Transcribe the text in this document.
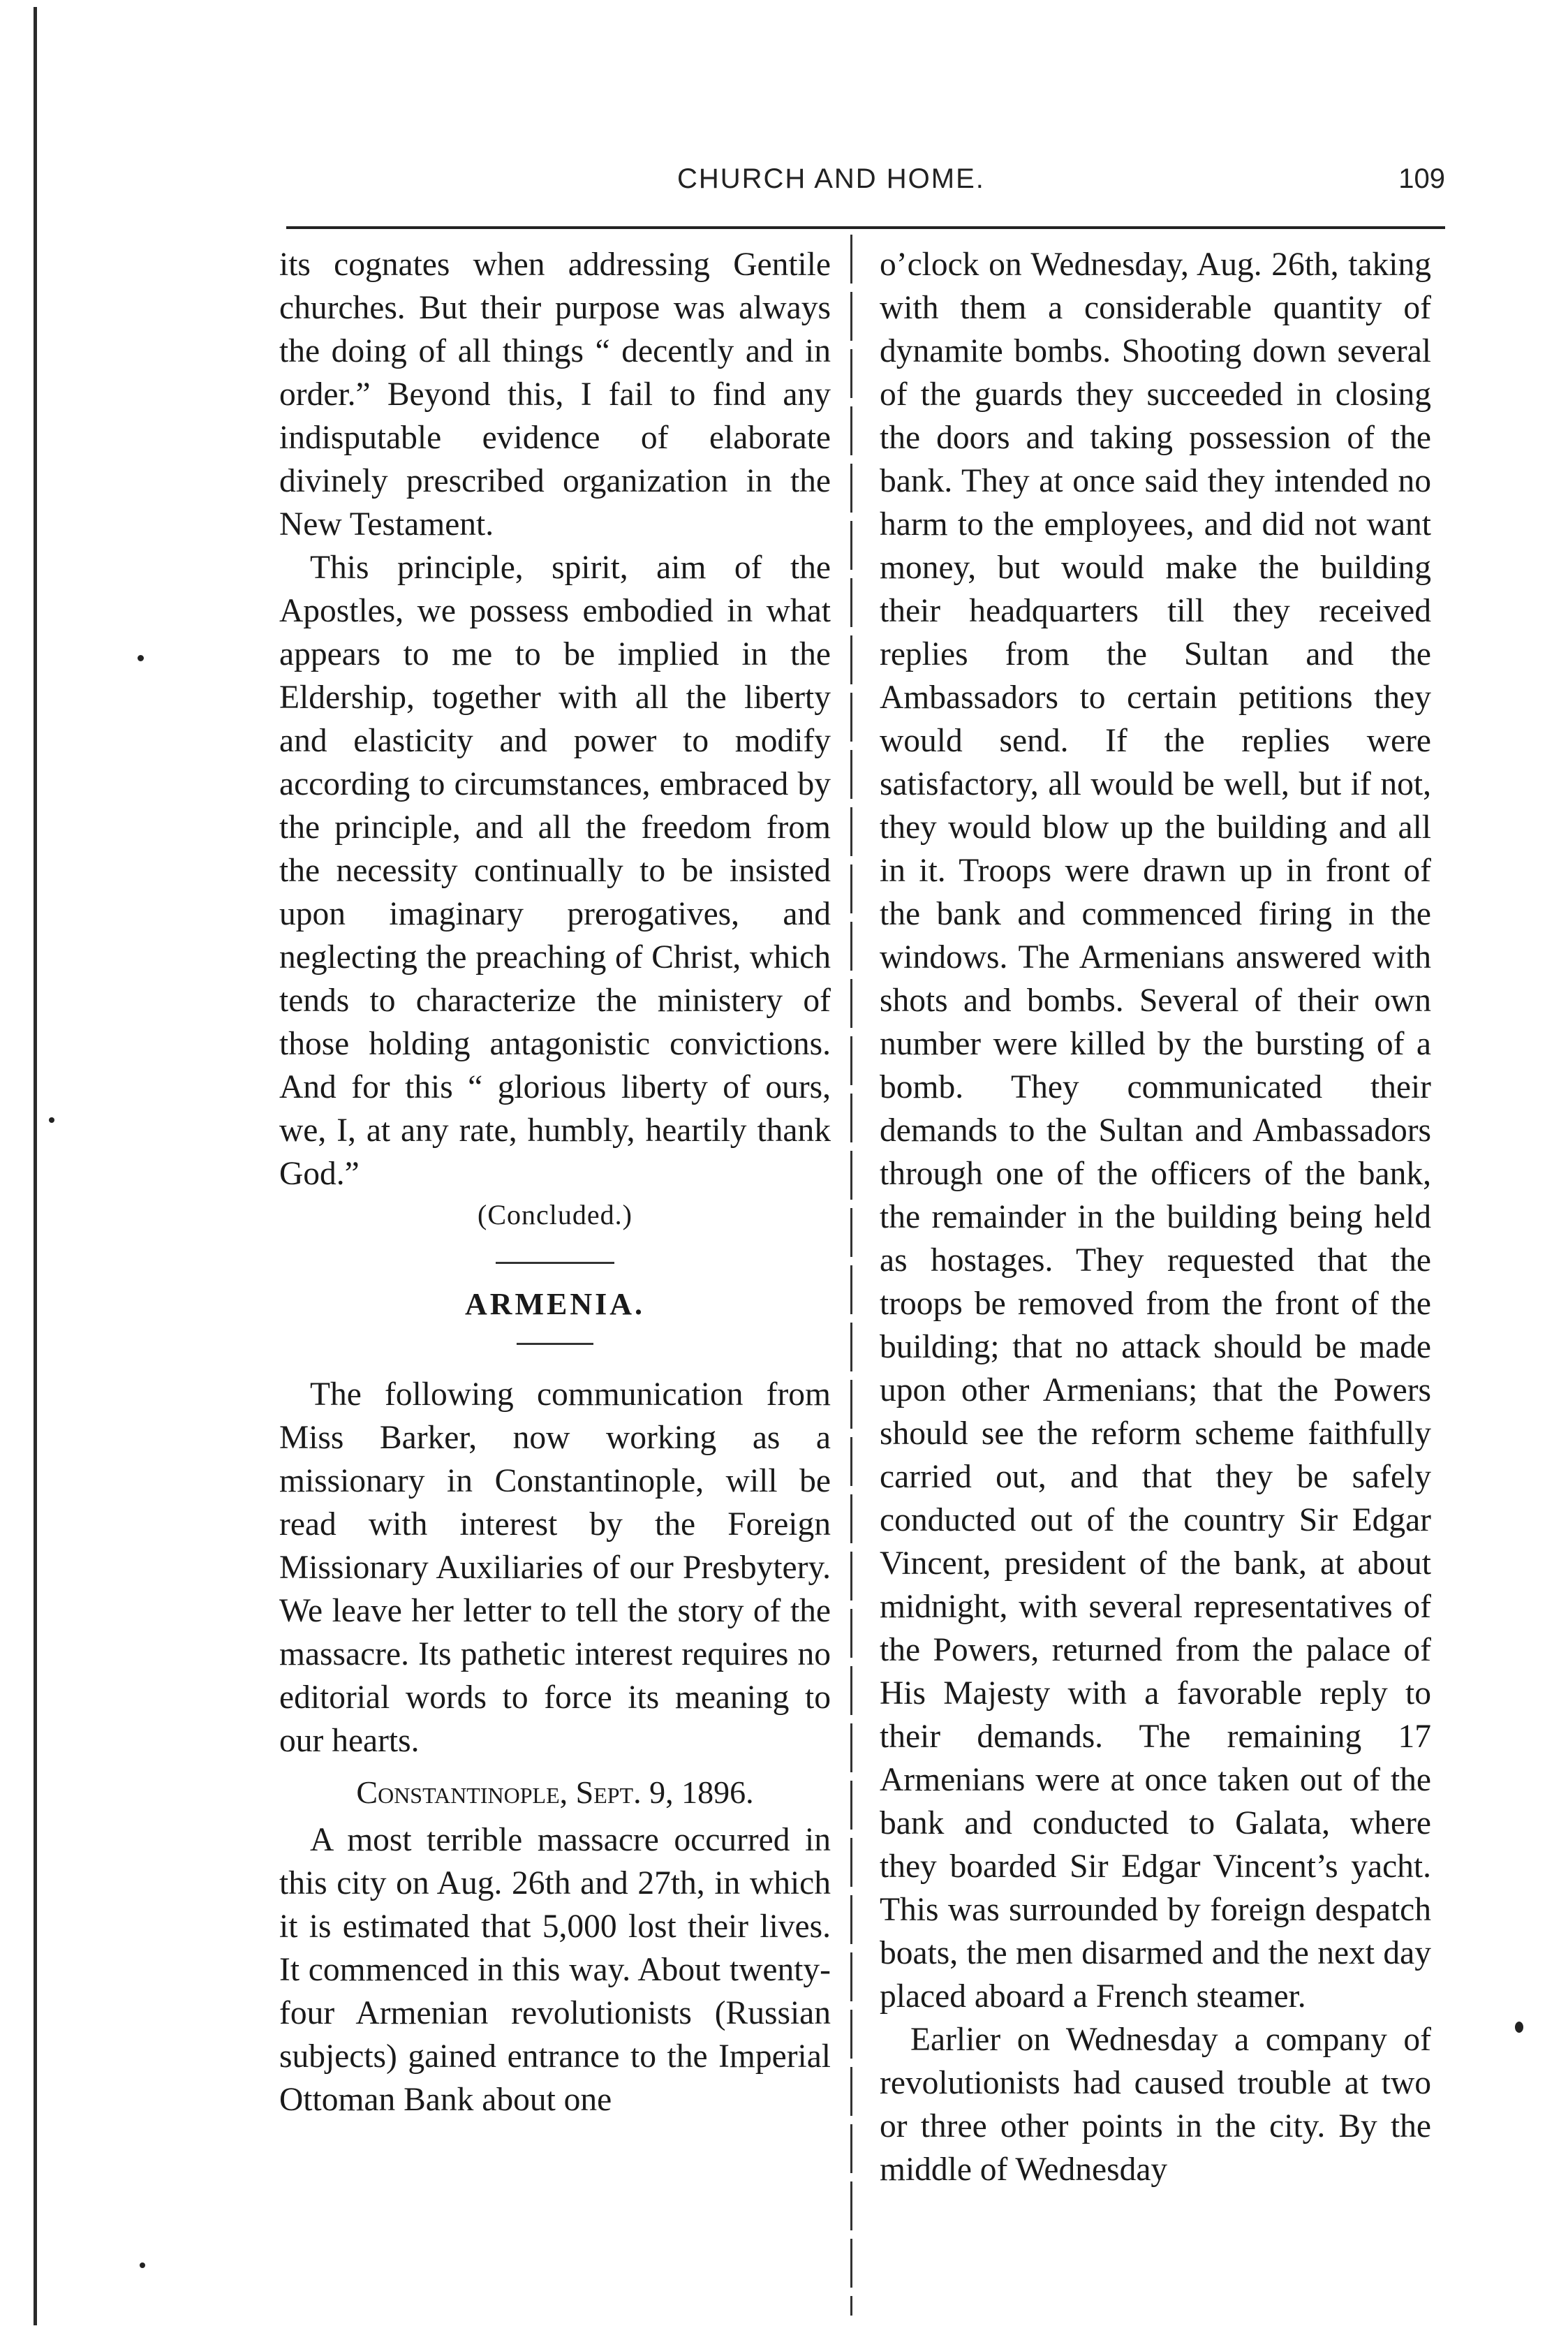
CHURCH AND HOME.	109

its cognates when addressing Gentile churches. But their purpose was always the doing of all things “ decently and in order.” Beyond this, I fail to find any indisputable evidence of elaborate divinely prescribed organization in the New Testament.

This principle, spirit, aim of the Apostles, we possess embodied in what appears to me to be implied in the Eldership, together with all the liberty and elasticity and power to modify according to circumstances, embraced by the principle, and all the freedom from the necessity continually to be insisted upon imaginary prerogatives, and neglecting the preaching of Christ, which tends to characterize the ministery of those holding antagonistic convictions. And for this “ glorious liberty of ours, we, I, at any rate, humbly, heartily thank God.”

(Concluded.)
ARMENIA.

The following communication from Miss Barker, now working as a missionary in Constantinople, will be read with interest by the Foreign Missionary Auxiliaries of our Presbytery. We leave her letter to tell the story of the massacre. Its pathetic interest requires no editorial words to force its meaning to our hearts.

Constantinople, Sept. 9, 1896.

A most terrible massacre occurred in this city on Aug. 26th and 27th, in which it is estimated that 5,000 lost their lives. It commenced in this way. About twenty-four Armenian revolutionists (Russian subjects) gained entrance to the Imperial Ottoman Bank about one

o’clock on Wednesday, Aug. 26th, taking with them a considerable quantity of dynamite bombs. Shooting down several of the guards they succeeded in closing the doors and taking possession of the bank. They at once said they intended no harm to the employees, and did not want money, but would make the building their headquarters till they received replies from the Sultan and the Ambassadors to certain petitions they would send. If the replies were satisfactory, all would be well, but if not, they would blow up the building and all in it. Troops were drawn up in front of the bank and commenced firing in the windows. The Armenians answered with shots and bombs. Several of their own number were killed by the bursting of a bomb. They communicated their demands to the Sultan and Ambassadors through one of the officers of the bank, the remainder in the building being held as hostages. They requested that the troops be removed from the front of the building; that no attack should be made upon other Armenians; that the Powers should see the reform scheme faithfully carried out, and that they be safely conducted out of the country Sir Edgar Vincent, president of the bank, at about midnight, with several representatives of the Powers, returned from the palace of His Majesty with a favorable reply to their demands. The remaining 17 Armenians were at once taken out of the bank and conducted to Galata, where they boarded Sir Edgar Vincent’s yacht. This was surrounded by foreign despatch boats, the men disarmed and the next day placed aboard a French steamer.

Earlier on Wednesday a company of revolutionists had caused trouble at two or three other points in the city. By the middle of Wednesday
